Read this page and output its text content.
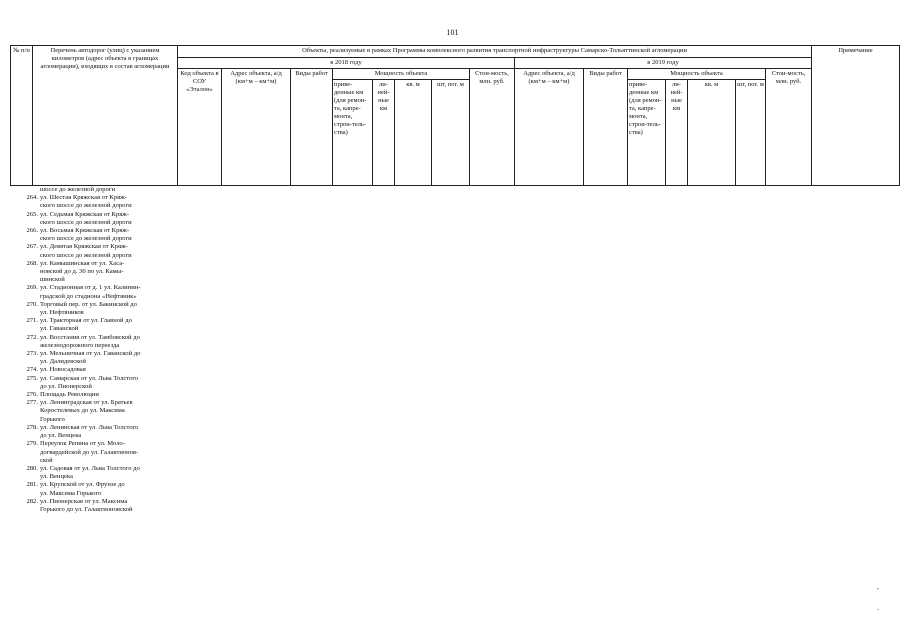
101
№ п/п	Перечень автодорог (улиц) с указанием километров (адрес объекта в границах агломерации), входящих в состав агломерации	Объекты, реализуемые в рамках Программы комплексного развития транспортной инфраструктуры Самарско-Тольяттинской агломерации															Примечание
		в 2018 году								в 2019 году							
		Код объекта в СОУ «Эталон»	Адрес объекта, а/д (км+м – км+м)	Виды работ	Мощность объекта				Стои-мость, млн. руб.	Адрес объекта, а/д (км+м – км+м)	Виды работ	Мощность объекта				Стои-мость, млн. руб.	
					приве-денные км (для ремон-та, капре-монта, строи-тель-ства)	ли-ней-ные км	кв. м	шт, пог. м				приве-денные км (для ремон-та, капре-монта, строи-тель-ства)	ли-ней-ные км	кв. м	шт, пог. м		
шоссе до железной дороги
264. ул. Шестая Кряжская от Кряж-
ского шоссе до железной дороги
265. ул. Седьмая Кряжская от Кряж-
ского шоссе до железной дороги
266. ул. Восьмая Кряжская от Кряж-
ского шоссе до железной дороги
267. ул. Девятая Кряжская от Кряж-
ского шоссе до железной дороги
268. ул. Камышинская от ул. Хаса-
новской до д. 30 по ул. Камы-
шинской
269. ул. Стадионная от д. 1 ул. Калинин-
градской до стадиона «Нефтяник»
270. Торговый пер. от ул. Бакинской до
ул. Нефтяников
271. ул. Тракторная от ул. Главной до
ул. Гаванской
272. ул. Восстания от ул. Тамбовской до
железнодорожного переезда
273. ул. Мельничная от ул. Гаванской до
ул. Далидевской
274. ул. Новосадовая
275. ул. Самарская от ул. Льва Толстого
до ул. Пионерской
276. Площадь Революции
277. ул. Ленинградская от ул. Братьев
Коростелевых до ул. Максима
Горького
278. ул. Ленинская от ул. Льва Толстого
до ул. Венцека
279. Переулок Репина от ул. Моло-
догвардейской до ул. Галактионов-
ской
280. ул. Садовая от ул. Льва Толстого до
ул. Венцека
281. ул. Крупской от ул. Фрунзе до
ул. Максима Горького
282. ул. Пионерская от ул. Максима
Горького до ул. Галактионовской
,
·
